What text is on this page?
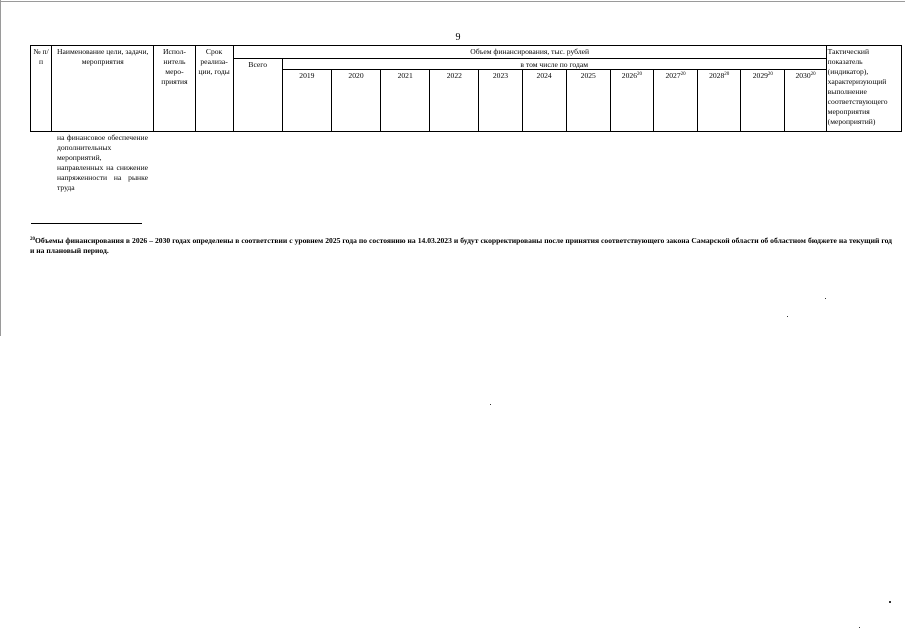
9
№ п/п	Наименование цели, задачи, мероприятия	Испол-нитель меро-приятия	Срок реализа-ции, годы	Объем финансирования, тыс. рублей													Тактический показатель (индикатор), характеризующий выполнение соответствующего мероприятия (мероприятий)
				Всего	в том числе по годам												
					2019	2020	2021	2022	2023	2024	2025	2026$^{20}$	2027$^{20}$	2028$^{20}$	2029$^{20}$	2030$^{20}$
на финансовое обеспечение дополнительных мероприятий, направленных на снижение напряженности на рынке труда
$^{20}$Объемы финансирования в 2026 – 2030 годах определены в соответствии с уровнем 2025 года по состоянию на 14.03.2023 и будут скорректированы после принятия соответствующего закона Самарской области об областном бюджете на текущий год и на плановый период.
